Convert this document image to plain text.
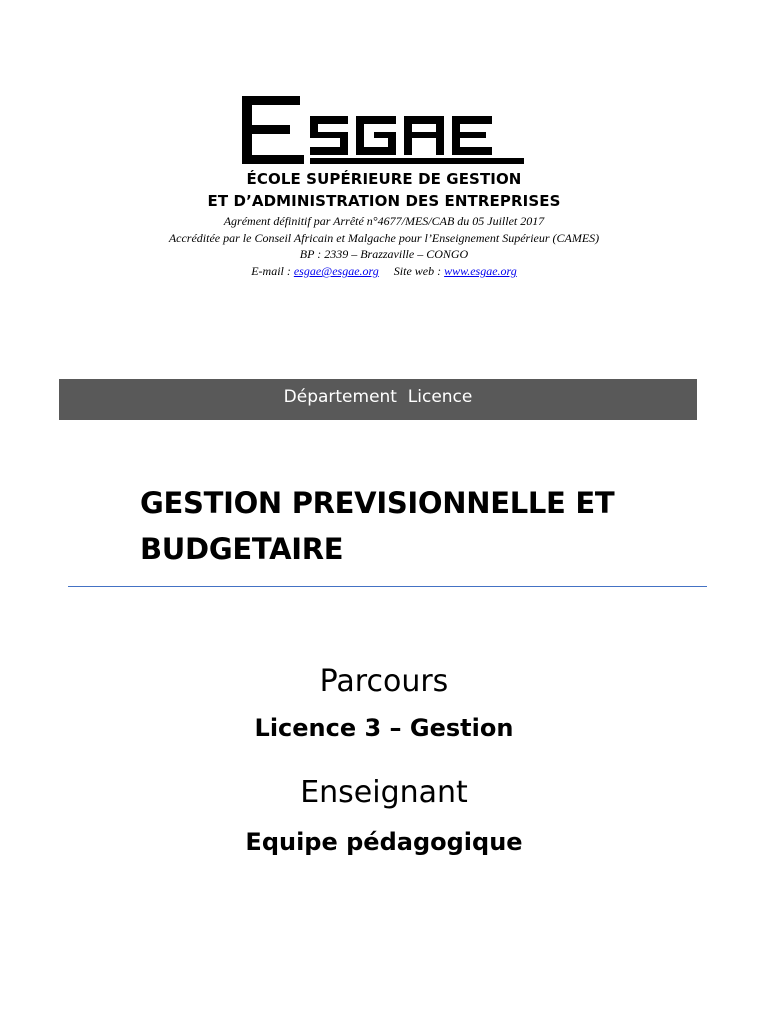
ÉCOLE SUPÉRIEURE DE GESTION
ET D’ADMINISTRATION DES ENTREPRISES
Agrément définitif par Arrêté n°4677/MES/CAB du 05 Juillet 2017
Accréditée par le Conseil Africain et Malgache pour l’Enseignement Supérieur (CAMES)
BP : 2339 – Brazzaville – CONGO
E-mail : esgae@esgae.org Site web : www.esgae.org
Département  Licence
GESTION PREVISIONNELLE ET
BUDGETAIRE
Parcours
Licence 3 – Gestion
Enseignant
Equipe pédagogique
